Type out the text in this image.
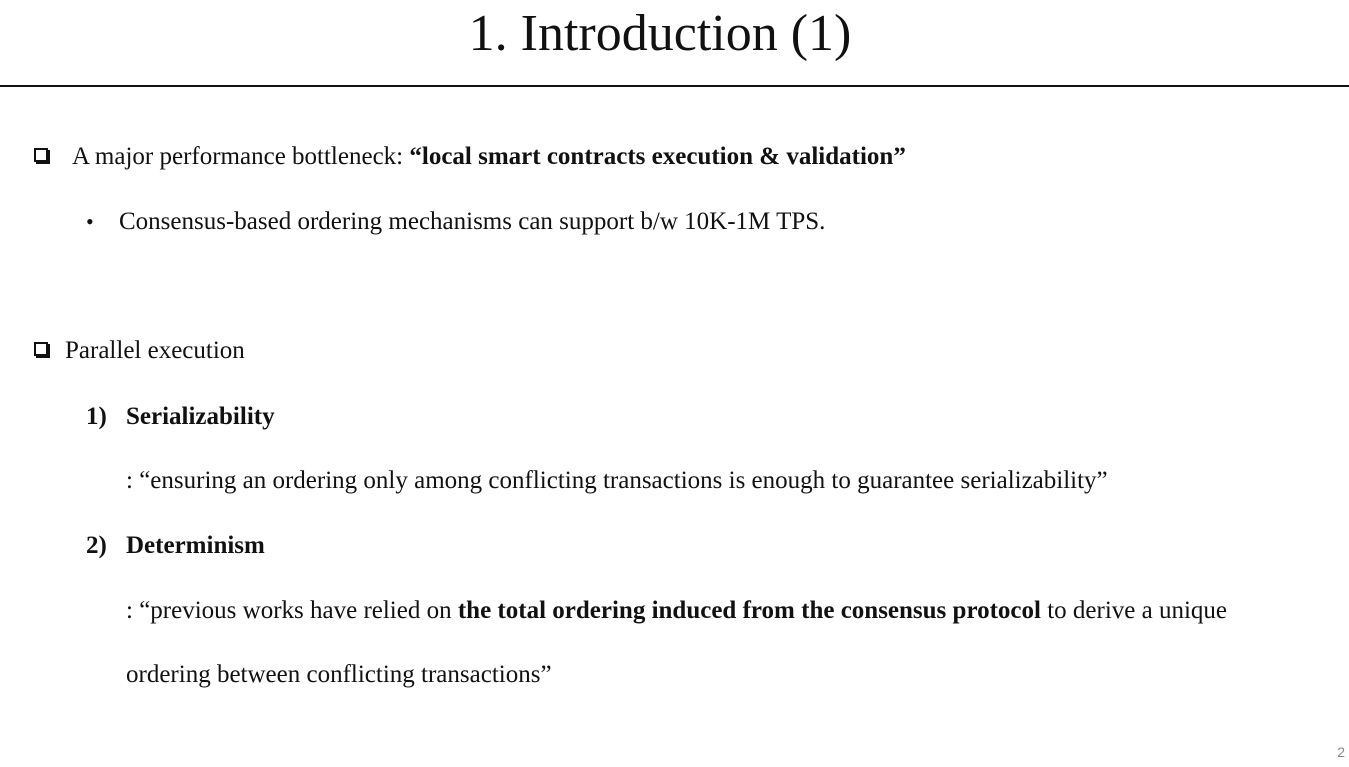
1. Introduction (1)
A major performance bottleneck: “local smart contracts execution & validation”
• Consensus-based ordering mechanisms can support b/w 10K-1M TPS.
Parallel execution
1) Serializability
: “ensuring an ordering only among conflicting transactions is enough to guarantee serializability”
2) Determinism
: “previous works have relied on the total ordering induced from the consensus protocol to derive a unique
ordering between conflicting transactions”
2
